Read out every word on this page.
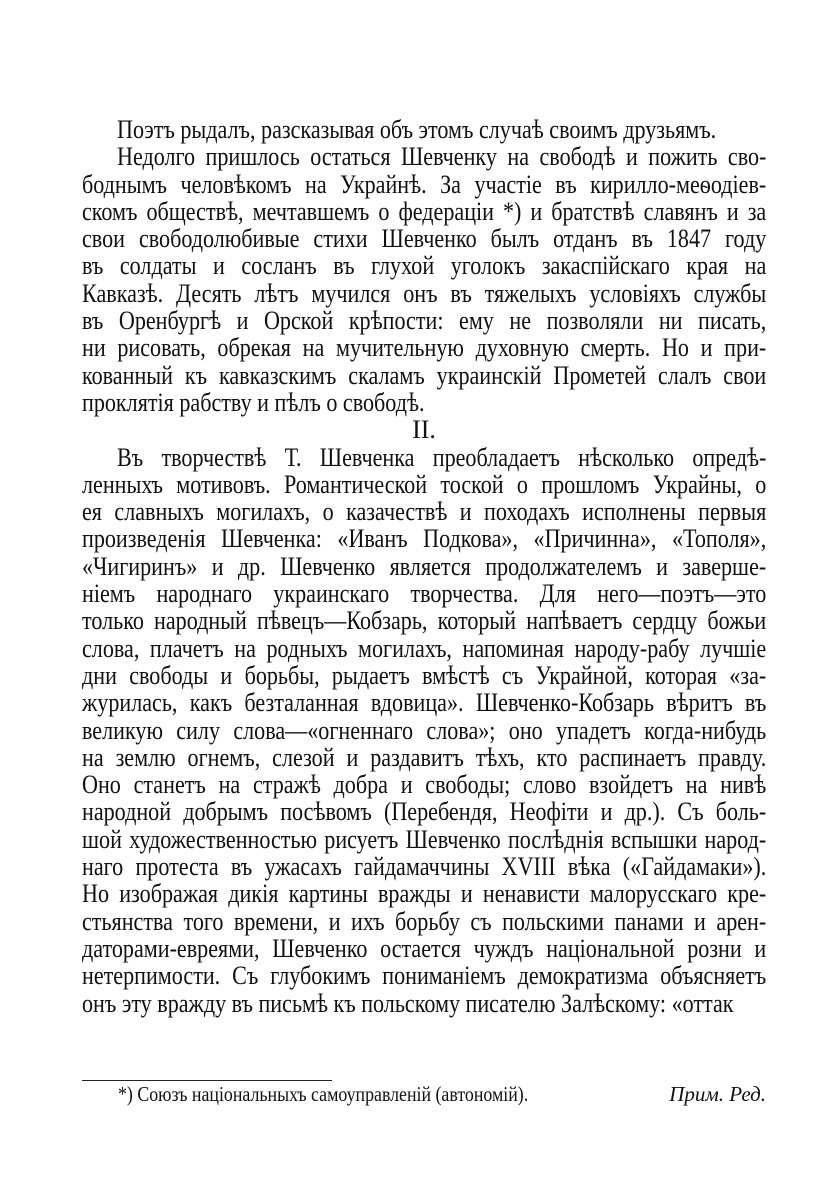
Поэтъ рыдалъ, разсказывая объ этомъ случаѣ своимъ друзьямъ.
Недолго пришлось остаться Шевченку на свободѣ и пожить сво-
боднымъ человѣкомъ на Украйнѣ. За участіе въ кирилло-меѳодіев-
скомъ обществѣ, мечтавшемъ о федераціи *) и братствѣ славянъ и за
свои свободолюбивые стихи Шевченко былъ отданъ въ 1847 году
въ солдаты и сосланъ въ глухой уголокъ закаспійскаго края на
Кавказѣ. Десять лѣтъ мучился онъ въ тяжелыхъ условіяхъ службы
въ Оренбургѣ и Орской крѣпости: ему не позволяли ни писать,
ни рисовать, обрекая на мучительную духовную смерть. Но и при-
кованный къ кавказскимъ скаламъ украинскій Прометей слалъ свои
проклятія рабству и пѣлъ о свободѣ.
II.
Въ творчествѣ Т. Шевченка преобладаетъ нѣсколько опредѣ-
ленныхъ мотивовъ. Романтической тоской о прошломъ Украйны, о
ея славныхъ могилахъ, о казачествѣ и походахъ исполнены первыя
произведенія Шевченка: «Иванъ Подкова», «Причинна», «Тополя»,
«Чигиринъ» и др. Шевченко является продолжателемъ и заверше-
ніемъ народнаго украинскаго творчества. Для него—поэтъ—это
только народный пѣвецъ—Кобзарь, который напѣваетъ сердцу божьи
слова, плачетъ на родныхъ могилахъ, напоминая народу-рабу лучшіе
дни свободы и борьбы, рыдаетъ вмѣстѣ съ Украйной, которая «за-
журилась, какъ безталанная вдовица». Шевченко-Кобзарь вѣритъ въ
великую силу слова—«огненнаго слова»; оно упадетъ когда-нибудь
на землю огнемъ, слезой и раздавитъ тѣхъ, кто распинаетъ правду.
Оно станетъ на стражѣ добра и свободы; слово взойдетъ на нивѣ
народной добрымъ посѣвомъ (Перебендя, Неофіти и др.). Съ боль-
шой художественностью рисуетъ Шевченко послѣднія вспышки народ-
наго протеста въ ужасахъ гайдамаччины XVIII вѣка («Гайдамаки»).
Но изображая дикія картины вражды и ненависти малорусскаго кре-
стьянства того времени, и ихъ борьбу съ польскими панами и арен-
даторами-евреями, Шевченко остается чуждъ національной розни и
нетерпимости. Съ глубокимъ пониманіемъ демократизма объясняетъ
онъ эту вражду въ письмѣ къ польскому писателю Залѣскому: «оттак
*) Союзъ національныхъ самоуправленій (автономій).	Прим. Ред.
